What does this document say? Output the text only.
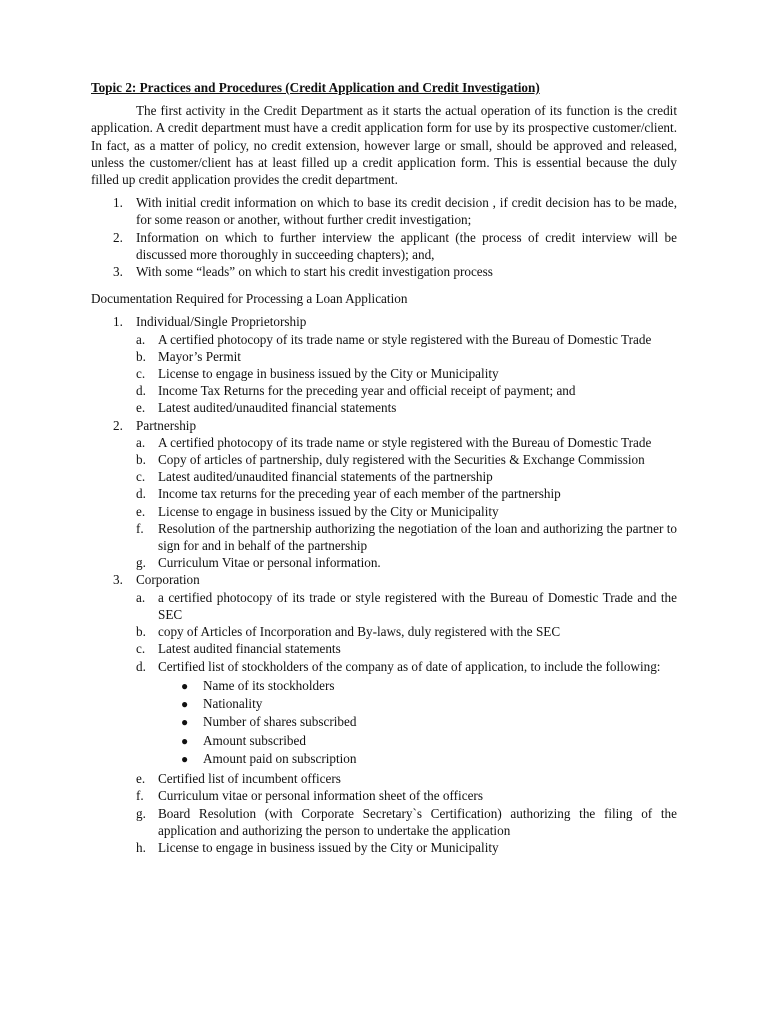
Topic 2: Practices and Procedures (Credit Application and Credit Investigation)

The first activity in the Credit Department as it starts the actual operation of its function is the credit application. A credit department must have a credit application form for use by its prospective customer/client. In fact, as a matter of policy, no credit extension, however large or small, should be approved and released, unless the customer/client has at least filled up a credit application form. This is essential because the duly filled up credit application provides the credit department.

1. With initial credit information on which to base its credit decision , if credit decision has to be made, for some reason or another, without further credit investigation;
2. Information on which to further interview the applicant (the process of credit interview will be discussed more thoroughly in succeeding chapters); and,
3. With some “leads” on which to start his credit investigation process

Documentation Required for Processing a Loan Application

1. Individual/Single Proprietorship
a. A certified photocopy of its trade name or style registered with the Bureau of Domestic Trade
b. Mayor’s Permit
c. License to engage in business issued by the City or Municipality
d. Income Tax Returns for the preceding year and official receipt of payment; and
e. Latest audited/unaudited financial statements
2. Partnership
a. A certified photocopy of its trade name or style registered with the Bureau of Domestic Trade
b. Copy of articles of partnership, duly registered with the Securities & Exchange Commission
c. Latest audited/unaudited financial statements of the partnership
d. Income tax returns for the preceding year of each member of the partnership
e. License to engage in business issued by the City or Municipality
f. Resolution of the partnership authorizing the negotiation of the loan and authorizing the partner to sign for and in behalf of the partnership
g. Curriculum Vitae or personal information.
3. Corporation
a. a certified photocopy of its trade or style registered with the Bureau of Domestic Trade and the SEC
b. copy of Articles of Incorporation and By-laws, duly registered with the SEC
c. Latest audited financial statements
d. Certified list of stockholders of the company as of date of application, to include the following:
● Name of its stockholders
● Nationality
● Number of shares subscribed
● Amount subscribed
● Amount paid on subscription
e. Certified list of incumbent officers
f. Curriculum vitae or personal information sheet of the officers
g. Board Resolution (with Corporate Secretary`s Certification) authorizing the filing of the application and authorizing the person to undertake the application
h. License to engage in business issued by the City or Municipality
